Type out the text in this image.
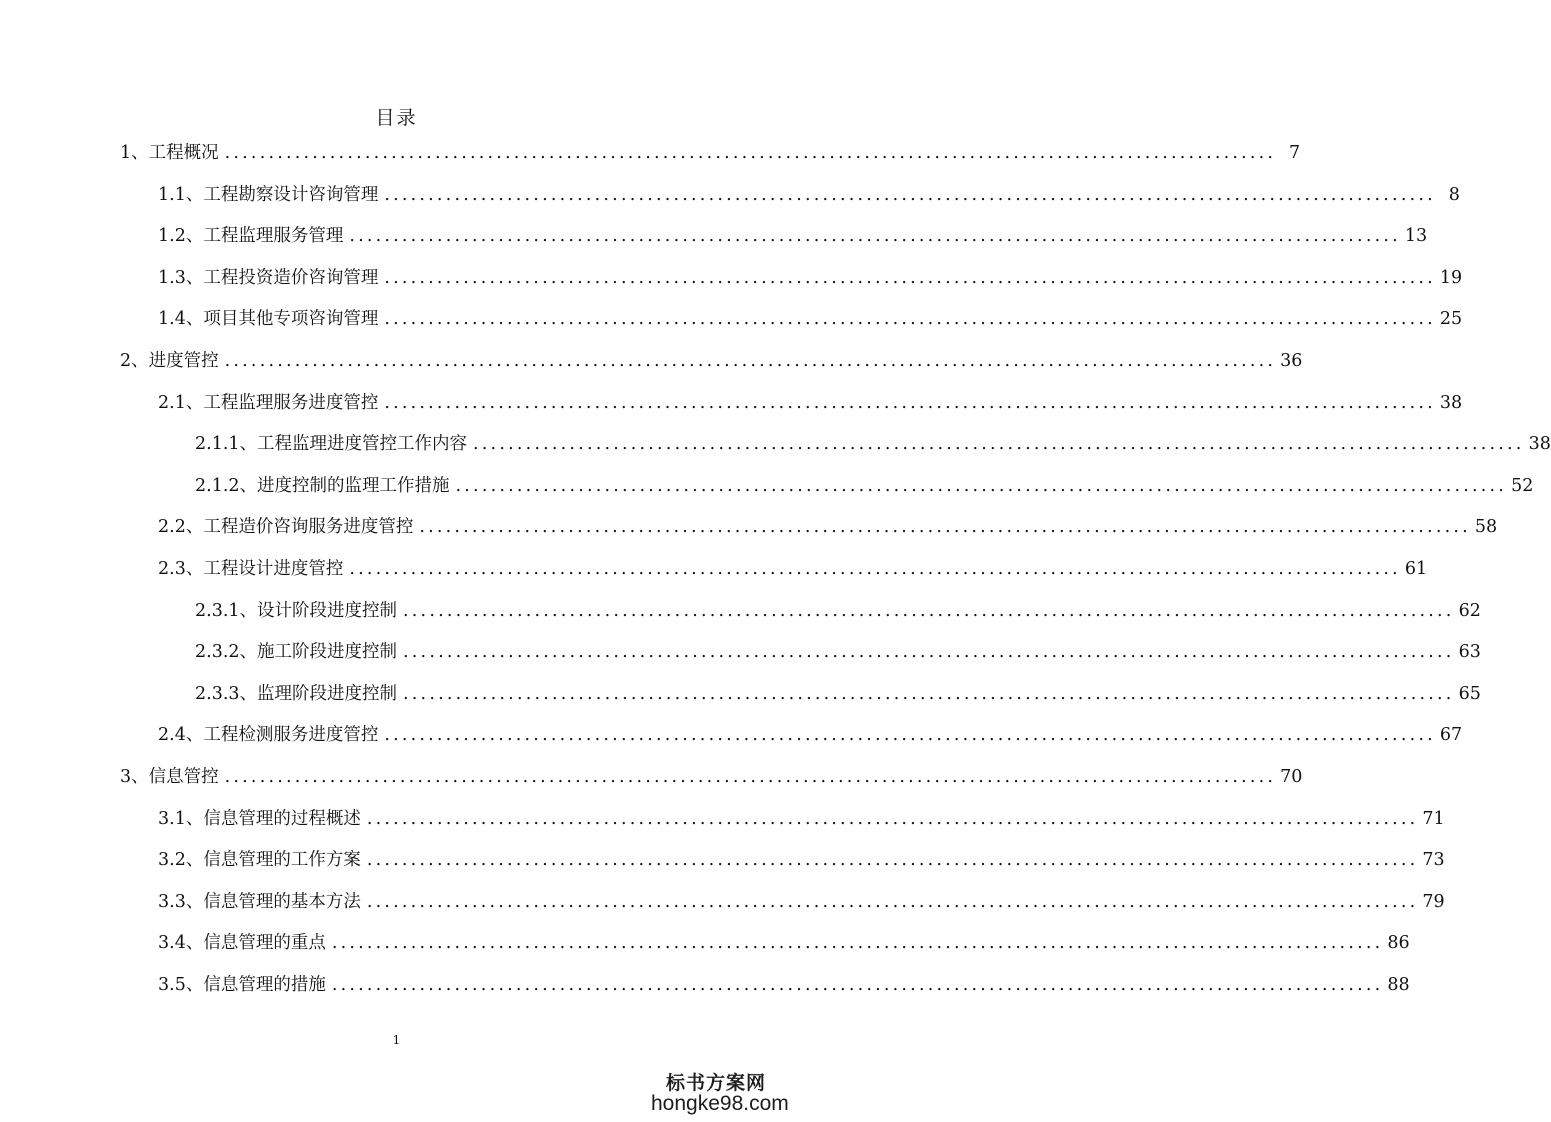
目录
1、工程概况 ........................................................................................................................ 7
1.1、工程勘察设计咨询管理 ........................................................................................................................ 8
1.2、工程监理服务管理 ........................................................................................................................ 13
1.3、工程投资造价咨询管理 ........................................................................................................................ 19
1.4、项目其他专项咨询管理 ........................................................................................................................ 25
2、进度管控 ........................................................................................................................ 36
2.1、工程监理服务进度管控 ........................................................................................................................ 38
2.1.1、工程监理进度管控工作内容 ........................................................................................................................ 38
2.1.2、进度控制的监理工作措施 ........................................................................................................................ 52
2.2、工程造价咨询服务进度管控 ........................................................................................................................ 58
2.3、工程设计进度管控 ........................................................................................................................ 61
2.3.1、设计阶段进度控制 ........................................................................................................................ 62
2.3.2、施工阶段进度控制 ........................................................................................................................ 63
2.3.3、监理阶段进度控制 ........................................................................................................................ 65
2.4、工程检测服务进度管控 ........................................................................................................................ 67
3、信息管控 ........................................................................................................................ 70
3.1、信息管理的过程概述 ........................................................................................................................ 71
3.2、信息管理的工作方案 ........................................................................................................................ 73
3.3、信息管理的基本方法 ........................................................................................................................ 79
3.4、信息管理的重点 ........................................................................................................................ 86
3.5、信息管理的措施 ........................................................................................................................ 88
1
标书方案网
hongke98.com
